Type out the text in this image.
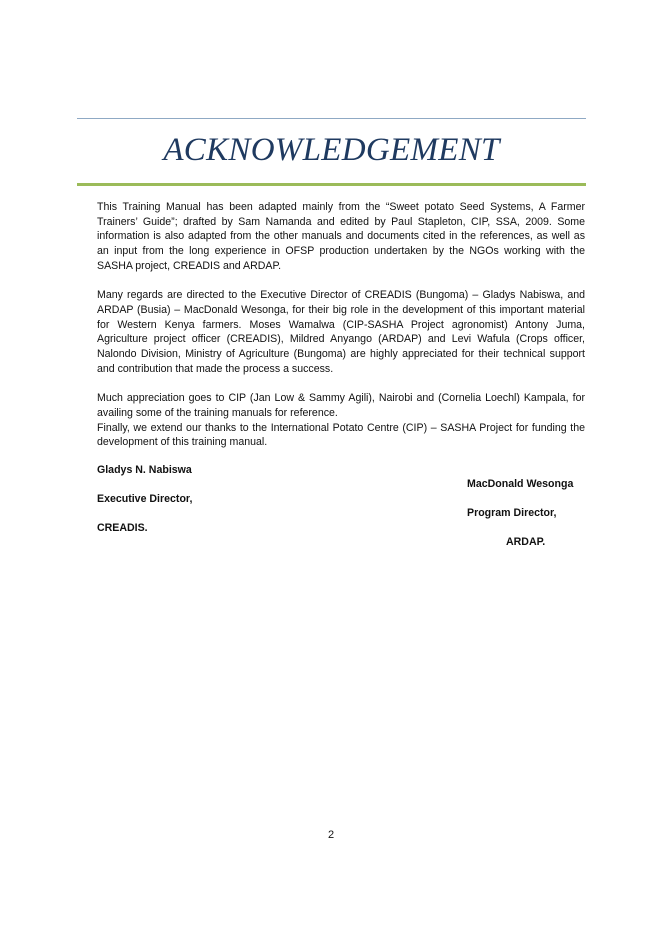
ACKNOWLEDGEMENT

This Training Manual has been adapted mainly from the “Sweet potato Seed Systems, A Farmer Trainers’ Guide”; drafted by Sam Namanda and edited by Paul Stapleton, CIP, SSA, 2009. Some information is also adapted from the other manuals and documents cited in the references, as well as an input from the long experience in OFSP production undertaken by the NGOs working with the SASHA project, CREADIS and ARDAP.

Many regards are directed to the Executive Director of CREADIS (Bungoma) – Gladys Nabiswa, and ARDAP (Busia) – MacDonald Wesonga, for their big role in the development of this important material for Western Kenya farmers. Moses Wamalwa (CIP-SASHA Project agronomist) Antony Juma, Agriculture project officer (CREADIS), Mildred Anyango (ARDAP) and Levi Wafula (Crops officer, Nalondo Division, Ministry of Agriculture (Bungoma) are highly appreciated for their technical support and contribution that made the process a success.

Much appreciation goes to CIP (Jan Low & Sammy Agili), Nairobi and (Cornelia Loechl) Kampala, for availing some of the training manuals for reference.

Finally, we extend our thanks to the International Potato Centre (CIP) – SASHA Project for funding the development of this training manual.

Gladys N. Nabiswa
MacDonald Wesonga
Executive Director,
Program Director,
CREADIS.
ARDAP.
2
